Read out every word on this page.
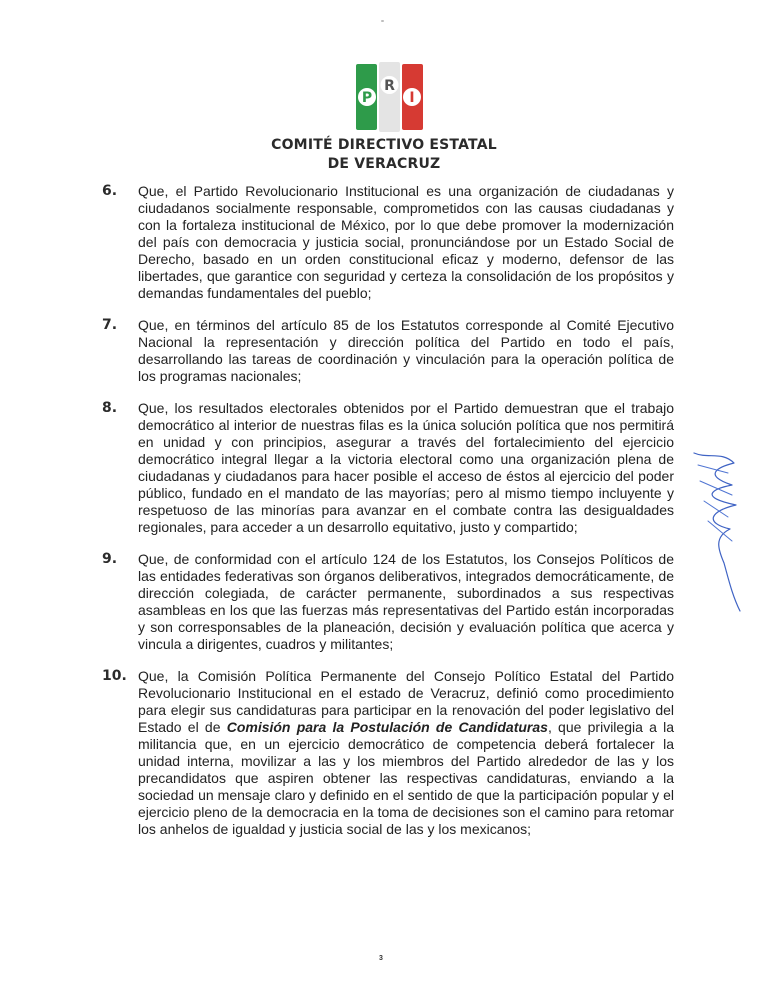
P
R
I
COMITÉ DIRECTIVO ESTATAL
DE VERACRUZ
6.	Que, el Partido Revolucionario Institucional es una organización de ciudadanas y ciudadanos socialmente responsable, comprometidos con las causas ciudadanas y con la fortaleza institucional de México, por lo que debe promover la modernización del país con democracia y justicia social, pronunciándose por un Estado Social de Derecho, basado en un orden constitucional eficaz y moderno, defensor de las libertades, que garantice con seguridad y certeza la consolidación de los propósitos y demandas fundamentales del pueblo;
7.	Que, en términos del artículo 85 de los Estatutos corresponde al Comité Ejecutivo Nacional la representación y dirección política del Partido en todo el país, desarrollando las tareas de coordinación y vinculación para la operación política de los programas nacionales;
8.	Que, los resultados electorales obtenidos por el Partido demuestran que el trabajo democrático al interior de nuestras filas es la única solución política que nos permitirá en unidad y con principios, asegurar a través del fortalecimiento del ejercicio democrático integral llegar a la victoria electoral como una organización plena de ciudadanas y ciudadanos para hacer posible el acceso de éstos al ejercicio del poder público, fundado en el mandato de las mayorías; pero al mismo tiempo incluyente y respetuoso de las minorías para avanzar en el combate contra las desigualdades regionales, para acceder a un desarrollo equitativo, justo y compartido;
9.	Que, de conformidad con el artículo 124 de los Estatutos, los Consejos Políticos de las entidades federativas son órganos deliberativos, integrados democráticamente, de dirección colegiada, de carácter permanente, subordinados a sus respectivas asambleas en los que las fuerzas más representativas del Partido están incorporadas y son corresponsables de la planeación, decisión y evaluación política que acerca y vincula a dirigentes, cuadros y militantes;
10. Que, la Comisión Política Permanente del Consejo Político Estatal del Partido Revolucionario Institucional en el estado de Veracruz, definió como procedimiento para elegir sus candidaturas para participar en la renovación del poder legislativo del Estado el de Comisión para la Postulación de Candidaturas, que privilegia a la militancia que, en un ejercicio democrático de competencia deberá fortalecer la unidad interna, movilizar a las y los miembros del Partido alrededor de las y los precandidatos que aspiren obtener las respectivas candidaturas, enviando a la sociedad un mensaje claro y definido en el sentido de que la participación popular y el ejercicio pleno de la democracia en la toma de decisiones son el camino para retomar los anhelos de igualdad y justicia social de las y los mexicanos;
3
